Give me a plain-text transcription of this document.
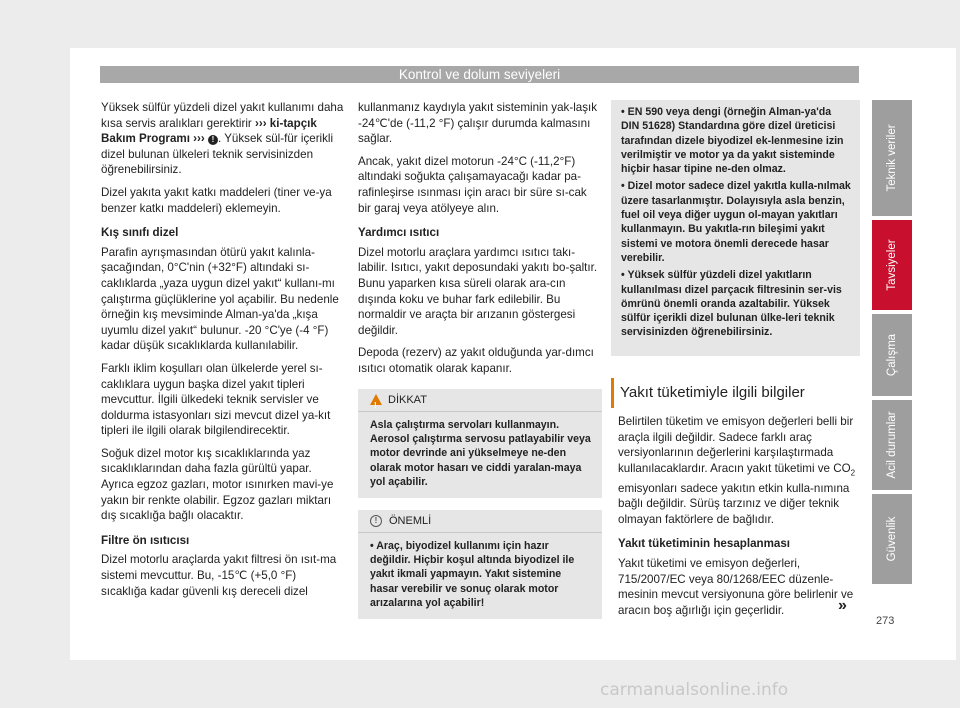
Kontrol ve dolum seviyeleri

Yüksek sülfür yüzdeli dizel yakıt kullanımı daha kısa servis aralıkları gerektirir ››› ki-tapçık Bakım Programı ››› ! . Yüksek sül-für içerikli dizel bulunan ülkeleri teknik servisinizden öğrenebilirsiniz.

Dizel yakıta yakıt katkı maddeleri (tiner ve-ya benzer katkı maddeleri) eklemeyin.

Kış sınıfı dizel

Parafin ayrışmasından ötürü yakıt kalınla-şacağından, 0°C'nin (+32°F) altındaki sı-caklıklarda „yaza uygun dizel yakıt“ kullanı-mı çalıştırma güçlüklerine yol açabilir. Bu nedenle örneğin kış mevsiminde Alman-ya'da „kışa uyumlu dizel yakıt“ bulunur. -20 °C'ye (-4 °F) kadar düşük sıcaklıklarda kullanılabilir.

Farklı iklim koşulları olan ülkelerde yerel sı-caklıklara uygun başka dizel yakıt tipleri mevcuttur. İlgili ülkedeki teknik servisler ve doldurma istasyonları sizi mevcut dizel ya-kıt tipleri ile ilgili olarak bilgilendirecektir.

Soğuk dizel motor kış sıcaklıklarında yaz sıcaklıklarından daha fazla gürültü yapar. Ayrıca egzoz gazları, motor ısınırken mavi-ye yakın bir renkte olabilir. Egzoz gazları miktarı dış sıcaklığa bağlı olacaktır.

Filtre ön ısıtıcısı

Dizel motorlu araçlarda yakıt filtresi ön ısıt-ma sistemi mevcuttur. Bu, -15℃ (+5,0 °F) sıcaklığa kadar güvenli kış dereceli dizel

kullanmanız kaydıyla yakıt sisteminin yak-laşık -24℃'de (-11,2 °F) çalışır durumda kalmasını sağlar.

Ancak, yakıt dizel motorun -24°C (-11,2°F) altındaki soğukta çalışamayacağı kadar pa-rafinleşirse ısınması için aracı bir süre sı-cak bir garaj veya atölyeye alın.

Yardımcı ısıtıcı

Dizel motorlu araçlara yardımcı ısıtıcı takı-labilir. Isıtıcı, yakıt deposundaki yakıtı bo-şaltır. Bunu yaparken kısa süreli olarak ara-cın dışında koku ve buhar fark edilebilir. Bu normaldir ve araçta bir arızanın göstergesi değildir.

Depoda (rezerv) az yakıt olduğunda yar-dımcı ısıtıcı otomatik olarak kapanır.

! DİKKAT
Asla çalıştırma servoları kullanmayın. Aerosol çalıştırma servosu patlayabilir veya motor devrinde ani yükselmeye ne-den olarak motor hasarı ve ciddi yaralan-maya yol açabilir.
!	ÖNEMLİ
• Araç, biyodizel kullanımı için hazır değildir. Hiçbir koşul altında biyodizel ile yakıt ikmali yapmayın. Yakıt sistemine hasar verebilir ve sonuç olarak motor arızalarına yol açabilir!

• EN 590 veya dengi (örneğin Alman-ya'da DIN 51628) Standardına göre dizel üreticisi tarafından dizele biyodizel ek-lenmesine izin verilmiştir ve motor ya da yakıt sisteminde hiçbir hasar tipine ne-den olmaz.

• Dizel motor sadece dizel yakıtla kulla-nılmak üzere tasarlanmıştır. Dolayısıyla asla benzin, fuel oil veya diğer uygun ol-mayan yakıtları kullanmayın. Bu yakıtla-rın bileşimi yakıt sistemi ve motora önemli derecede hasar verebilir.

• Yüksek sülfür yüzdeli dizel yakıtların kullanılması dizel parçacık filtresinin ser-vis ömrünü önemli oranda azaltabilir. Yüksek sülfür içerikli dizel bulunan ülke-leri teknik servisinizden öğrenebilirsiniz.

Yakıt tüketimiyle ilgili bilgiler

Belirtilen tüketim ve emisyon değerleri belli bir araçla ilgili değildir. Sadece farklı araç versiyonlarının değerlerini karşılaştırmada kullanılacaklardır. Aracın yakıt tüketimi ve $CO_2$ emisyonları sadece yakıtın etkin kulla-nımına bağlı değildir. Sürüş tarzınız ve diğer teknik olmayan faktörlere de bağlıdır.

Yakıt tüketiminin hesaplanması

Yakıt tüketimi ve emisyon değerleri, 715/2007/EC veya 80/1268/EEC düzenle-mesinin mevcut versiyonuna göre belirlenir ve aracın boş ağırlığı için geçerlidir.	»
Teknik veriler
Tavsiyeler
Çalışma
Acil durumlar
Güvenlik
273
carmanualsonline.info
